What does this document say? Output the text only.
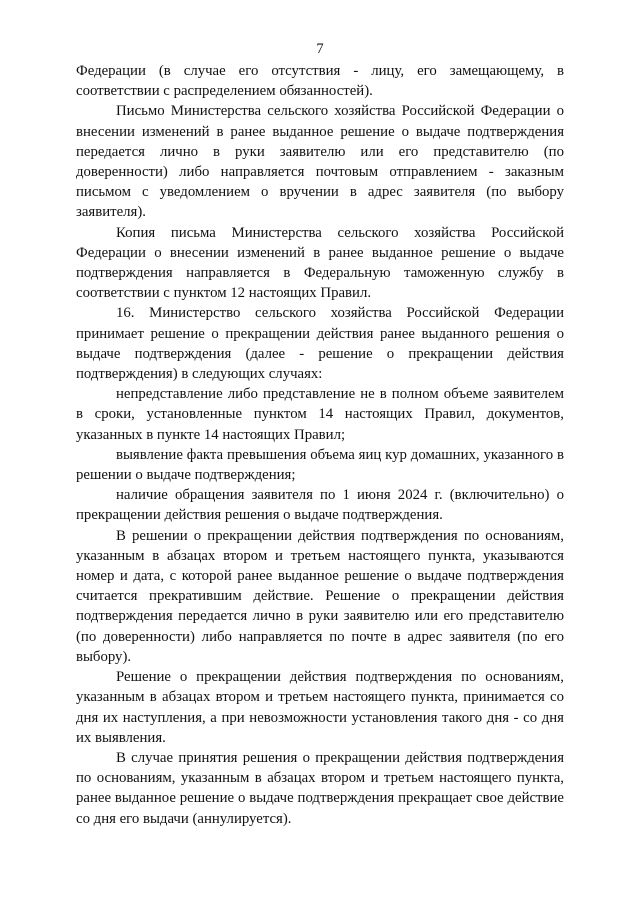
7

Федерации (в случае его отсутствия - лицу, его замещающему, в соответствии с распределением обязанностей).

Письмо Министерства сельского хозяйства Российской Федерации о внесении изменений в ранее выданное решение о выдаче подтверждения передается лично в руки заявителю или его представителю (по доверенности) либо направляется почтовым отправлением - заказным письмом с уведомлением о вручении в адрес заявителя (по выбору заявителя).

Копия письма Министерства сельского хозяйства Российской Федерации о внесении изменений в ранее выданное решение о выдаче подтверждения направляется в Федеральную таможенную службу в соответствии с пунктом 12 настоящих Правил.

16. Министерство сельского хозяйства Российской Федерации принимает решение о прекращении действия ранее выданного решения о выдаче подтверждения (далее - решение о прекращении действия подтверждения) в следующих случаях:

непредставление либо представление не в полном объеме заявителем в сроки, установленные пунктом 14 настоящих Правил, документов, указанных в пункте 14 настоящих Правил;

выявление факта превышения объема яиц кур домашних, указанного в решении о выдаче подтверждения;

наличие обращения заявителя по 1 июня 2024 г. (включительно) о прекращении действия решения о выдаче подтверждения.

В решении о прекращении действия подтверждения по основаниям, указанным в абзацах втором и третьем настоящего пункта, указываются номер и дата, с которой ранее выданное решение о выдаче подтверждения считается прекратившим действие. Решение о прекращении действия подтверждения передается лично в руки заявителю или его представителю (по доверенности) либо направляется по почте в адрес заявителя (по его выбору).

Решение о прекращении действия подтверждения по основаниям, указанным в абзацах втором и третьем настоящего пункта, принимается со дня их наступления, а при невозможности установления такого дня - со дня их выявления.

В случае принятия решения о прекращении действия подтверждения по основаниям, указанным в абзацах втором и третьем настоящего пункта, ранее выданное решение о выдаче подтверждения прекращает свое действие со дня его выдачи (аннулируется).
